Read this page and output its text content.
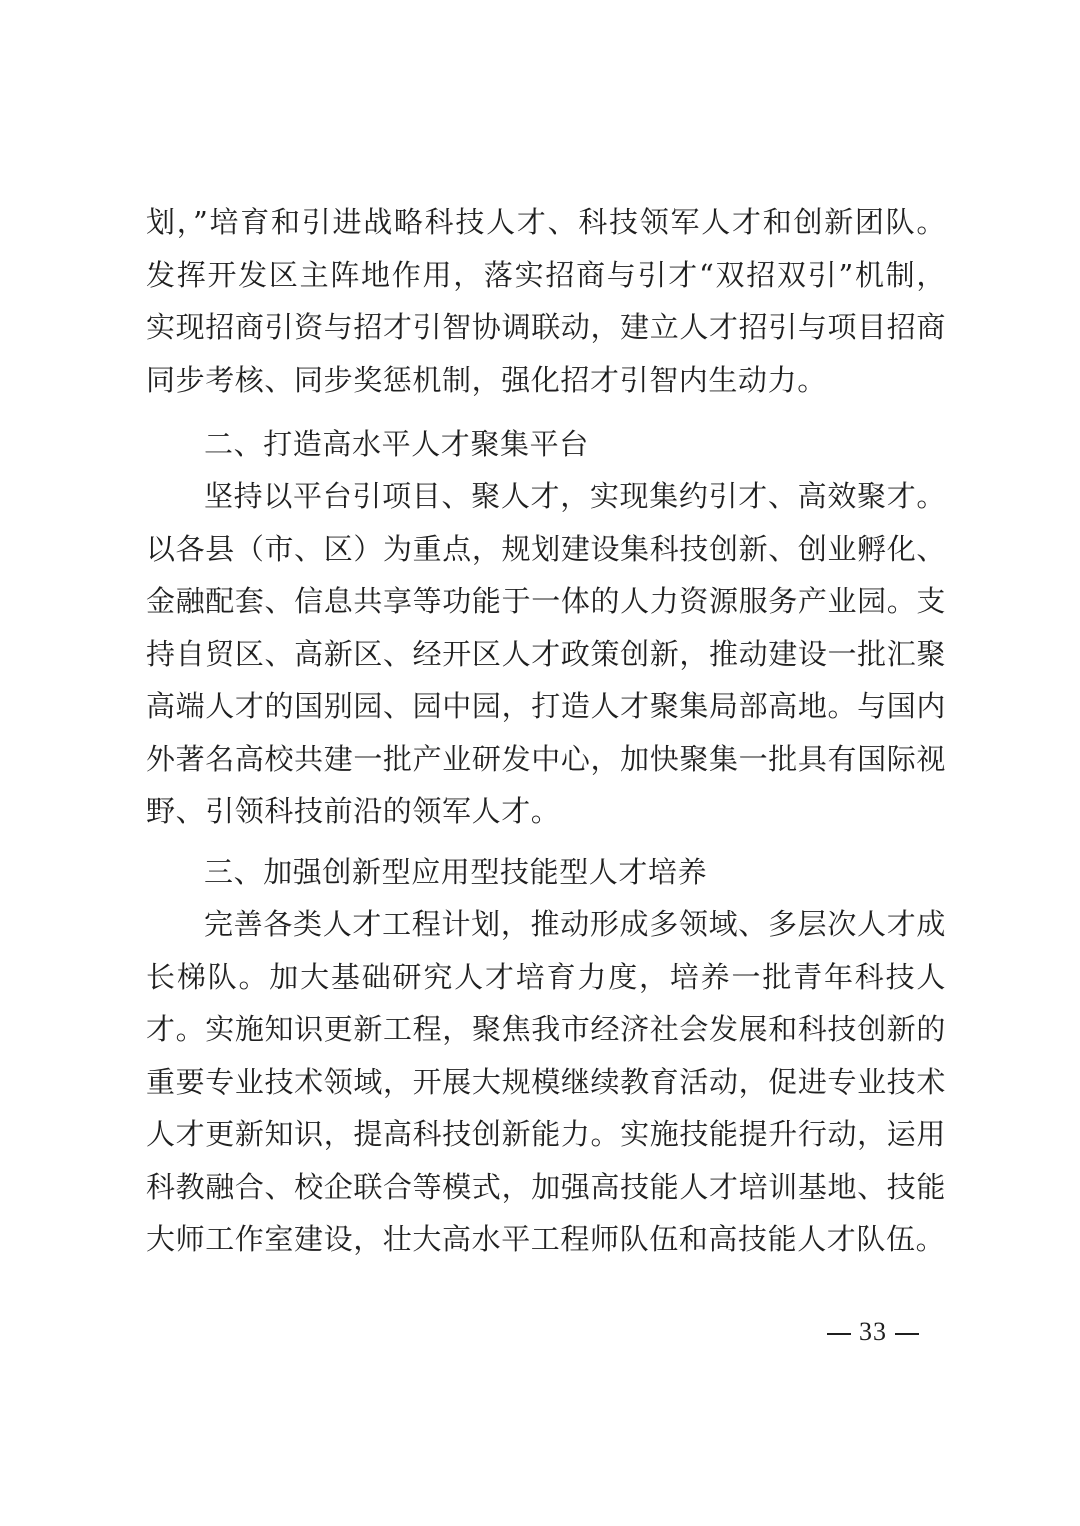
划，”培育和引进战略科技人才、科技领军人才和创新团队。发挥开发区主阵地作用，落实招商与引才“双招双引”机制，实现招商引资与招才引智协调联动，建立人才招引与项目招商同步考核、同步奖惩机制，强化招才引智内生动力。

二、打造高水平人才聚集平台

坚持以平台引项目、聚人才，实现集约引才、高效聚才。以各县（市、区）为重点，规划建设集科技创新、创业孵化、金融配套、信息共享等功能于一体的人力资源服务产业园。支持自贸区、高新区、经开区人才政策创新，推动建设一批汇聚高端人才的国别园、园中园，打造人才聚集局部高地。与国内外著名高校共建一批产业研发中心，加快聚集一批具有国际视野、引领科技前沿的领军人才。

三、加强创新型应用型技能型人才培养

完善各类人才工程计划，推动形成多领域、多层次人才成长梯队。加大基础研究人才培育力度，培养一批青年科技人才。实施知识更新工程，聚焦我市经济社会发展和科技创新的重要专业技术领域，开展大规模继续教育活动，促进专业技术人才更新知识，提高科技创新能力。实施技能提升行动，运用科教融合、校企联合等模式，加强高技能人才培训基地、技能大师工作室建设，壮大高水平工程师队伍和高技能人才队伍。

33
